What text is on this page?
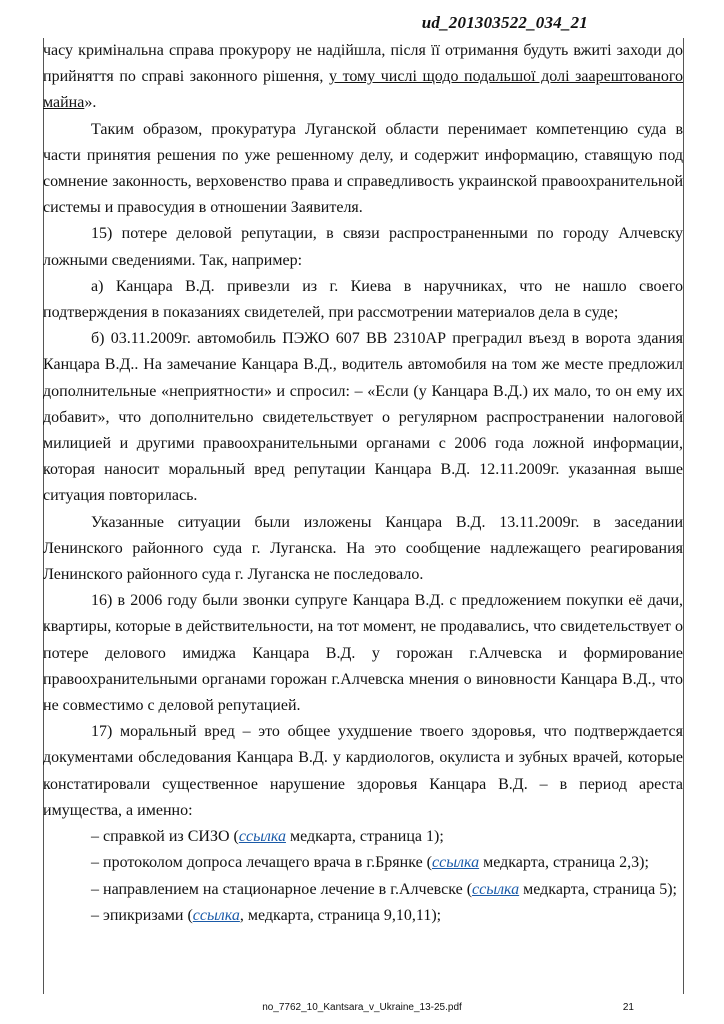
ud_201303522_034_21

часу кримінальна справа прокурору не надійшла, після її отримання будуть вжиті заходи до прийняття по справі законного рішення, у тому числі щодо подальшої долі заарештованого майна».

Таким образом, прокуратура Луганской области перенимает компетенцию суда в части принятия решения по уже решенному делу, и содержит информацию, ставящую под сомнение законность, верховенство права и справедливость украинской правоохранительной системы и правосудия в отношении Заявителя.

15) потере деловой репутации, в связи распространенными по городу Алчевску ложными сведениями. Так, например:

а) Канцара В.Д. привезли из г. Киева в наручниках, что не нашло своего подтверждения в показаниях свидетелей, при рассмотрении материалов дела в суде;

б) 03.11.2009г. автомобиль ПЭЖО 607 ВВ 2310АР преградил въезд в ворота здания Канцара В.Д.. На замечание Канцара В.Д., водитель автомобиля на том же месте предложил дополнительные «неприятности» и спросил: – «Если (у Канцара В.Д.) их мало, то он ему их добавит», что дополнительно свидетельствует о регулярном распространении налоговой милицией и другими правоохранительными органами с 2006 года ложной информации, которая наносит моральный вред репутации Канцара В.Д. 12.11.2009г. указанная выше ситуация повторилась.

Указанные ситуации были изложены Канцара В.Д. 13.11.2009г. в заседании Ленинского районного суда г. Луганска. На это сообщение надлежащего реагирования Ленинского районного суда г. Луганска не последовало.

16) в 2006 году были звонки супруге Канцара В.Д. с предложением покупки её дачи, квартиры, которые в действительности, на тот момент, не продавались, что свидетельствует о потере делового имиджа Канцара В.Д. у горожан г.Алчевска и формирование правоохранительными органами горожан г.Алчевска мнения о виновности Канцара В.Д., что не совместимо с деловой репутацией.

17) моральный вред – это общее ухудшение твоего здоровья, что подтверждается документами обследования Канцара В.Д. у кардиологов, окулиста и зубных врачей, которые констатировали существенное нарушение здоровья Канцара В.Д. – в период ареста имущества, а именно:

– справкой из СИЗО (ссылка медкарта, страница 1);

– протоколом допроса лечащего врача в г.Брянке (ссылка медкарта, страница 2,3);

– направлением на стационарное лечение в г.Алчевске (ссылка медкарта, страница 5);

– эпикризами (ссылка, медкарта, страница 9,10,11);

no_7762_10_Kantsara_v_Ukraine_13-25.pdf	21
